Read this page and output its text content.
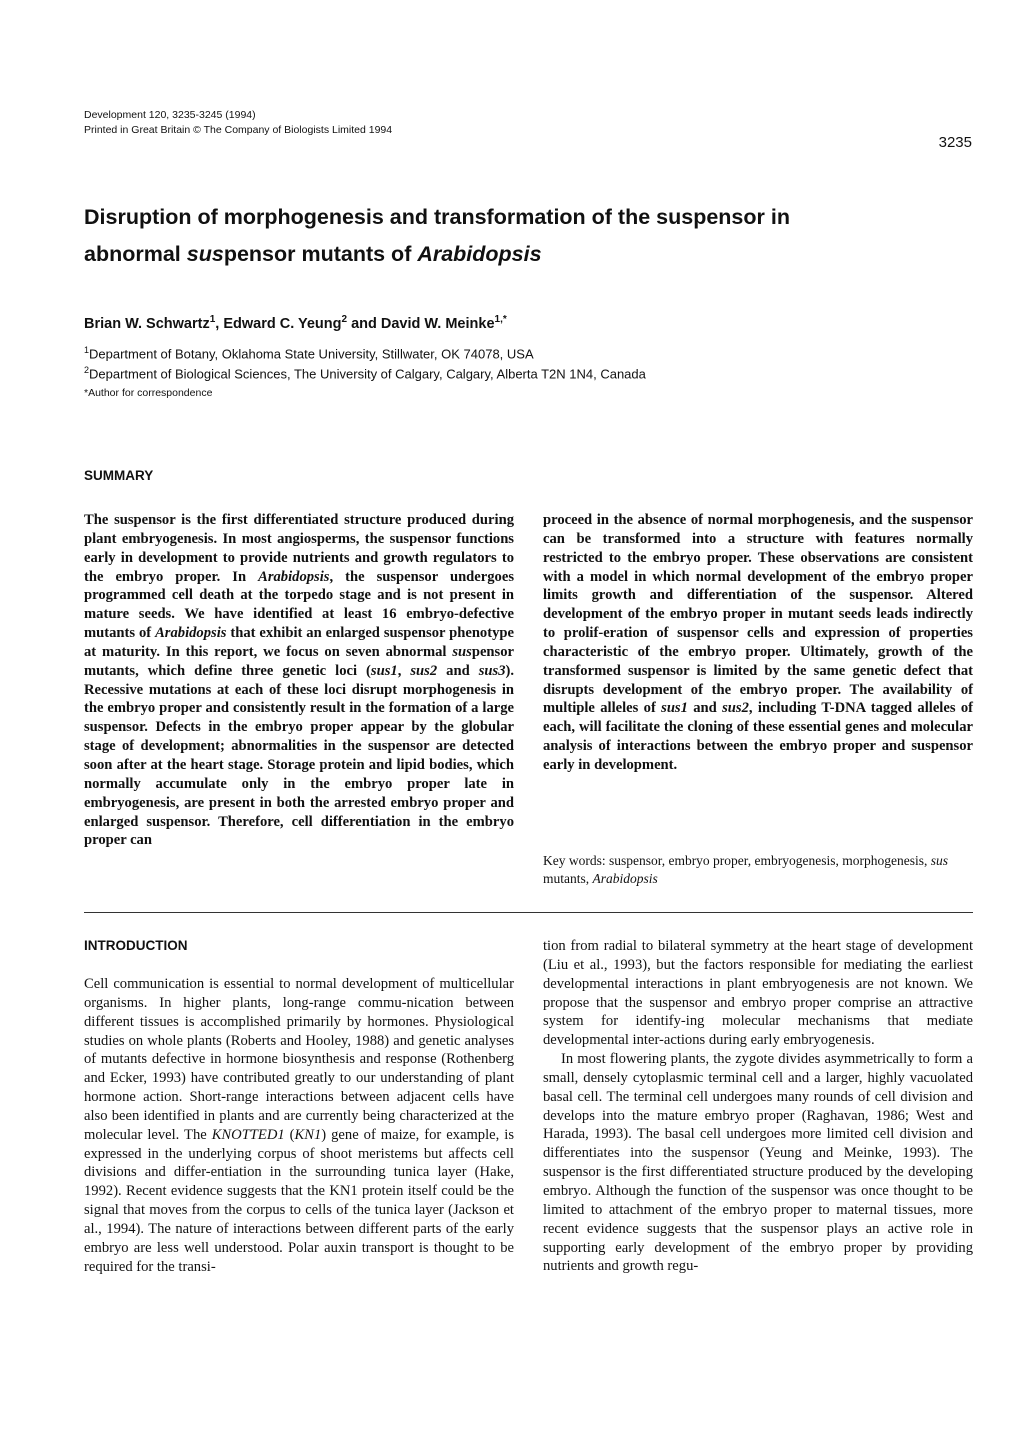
Development 120, 3235-3245 (1994)
Printed in Great Britain © The Company of Biologists Limited 1994
3235
Disruption of morphogenesis and transformation of the suspensor in
abnormal suspensor mutants of Arabidopsis
Brian W. Schwartz$^1$, Edward C. Yeung$^2$ and David W. Meinke$^{1,*}$
$^1$Department of Botany, Oklahoma State University, Stillwater, OK 74078, USA
$^2$Department of Biological Sciences, The University of Calgary, Calgary, Alberta T2N 1N4, Canada
*Author for correspondence
SUMMARY

The suspensor is the first differentiated structure produced during plant embryogenesis. In most angiosperms, the suspensor functions early in development to provide nutrients and growth regulators to the embryo proper. In Arabidopsis, the suspensor undergoes programmed cell death at the torpedo stage and is not present in mature seeds. We have identified at least 16 embryo-defective mutants of Arabidopsis that exhibit an enlarged suspensor phenotype at maturity. In this report, we focus on seven abnormal suspensor mutants, which define three genetic loci (sus1, sus2 and sus3). Recessive mutations at each of these loci disrupt morphogenesis in the embryo proper and consistently result in the formation of a large suspensor. Defects in the embryo proper appear by the globular stage of development; abnormalities in the suspensor are detected soon after at the heart stage. Storage protein and lipid bodies, which normally accumulate only in the embryo proper late in embryogenesis, are present in both the arrested embryo proper and enlarged suspensor. Therefore, cell differentiation in the embryo proper can

proceed in the absence of normal morphogenesis, and the suspensor can be transformed into a structure with features normally restricted to the embryo proper. These observations are consistent with a model in which normal development of the embryo proper limits growth and differentiation of the suspensor. Altered development of the embryo proper in mutant seeds leads indirectly to prolif-eration of suspensor cells and expression of properties characteristic of the embryo proper. Ultimately, growth of the transformed suspensor is limited by the same genetic defect that disrupts development of the embryo proper. The availability of multiple alleles of sus1 and sus2, including T-DNA tagged alleles of each, will facilitate the cloning of these essential genes and molecular analysis of interactions between the embryo proper and suspensor early in development.

Key words: suspensor, embryo proper, embryogenesis, morphogenesis, sus mutants, Arabidopsis
INTRODUCTION

Cell communication is essential to normal development of multicellular organisms. In higher plants, long-range commu-nication between different tissues is accomplished primarily by hormones. Physiological studies on whole plants (Roberts and Hooley, 1988) and genetic analyses of mutants defective in hormone biosynthesis and response (Rothenberg and Ecker, 1993) have contributed greatly to our understanding of plant hormone action. Short-range interactions between adjacent cells have also been identified in plants and are currently being characterized at the molecular level. The KNOTTED1 (KN1) gene of maize, for example, is expressed in the underlying corpus of shoot meristems but affects cell divisions and differ-entiation in the surrounding tunica layer (Hake, 1992). Recent evidence suggests that the KN1 protein itself could be the signal that moves from the corpus to cells of the tunica layer (Jackson et al., 1994). The nature of interactions between different parts of the early embryo are less well understood. Polar auxin transport is thought to be required for the transi-

tion from radial to bilateral symmetry at the heart stage of development (Liu et al., 1993), but the factors responsible for mediating the earliest developmental interactions in plant embryogenesis are not known. We propose that the suspensor and embryo proper comprise an attractive system for identify-ing molecular mechanisms that mediate developmental inter-actions during early embryogenesis.

In most flowering plants, the zygote divides asymmetrically to form a small, densely cytoplasmic terminal cell and a larger, highly vacuolated basal cell. The terminal cell undergoes many rounds of cell division and develops into the mature embryo proper (Raghavan, 1986; West and Harada, 1993). The basal cell undergoes more limited cell division and differentiates into the suspensor (Yeung and Meinke, 1993). The suspensor is the first differentiated structure produced by the developing embryo. Although the function of the suspensor was once thought to be limited to attachment of the embryo proper to maternal tissues, more recent evidence suggests that the suspensor plays an active role in supporting early development of the embryo proper by providing nutrients and growth regu-
